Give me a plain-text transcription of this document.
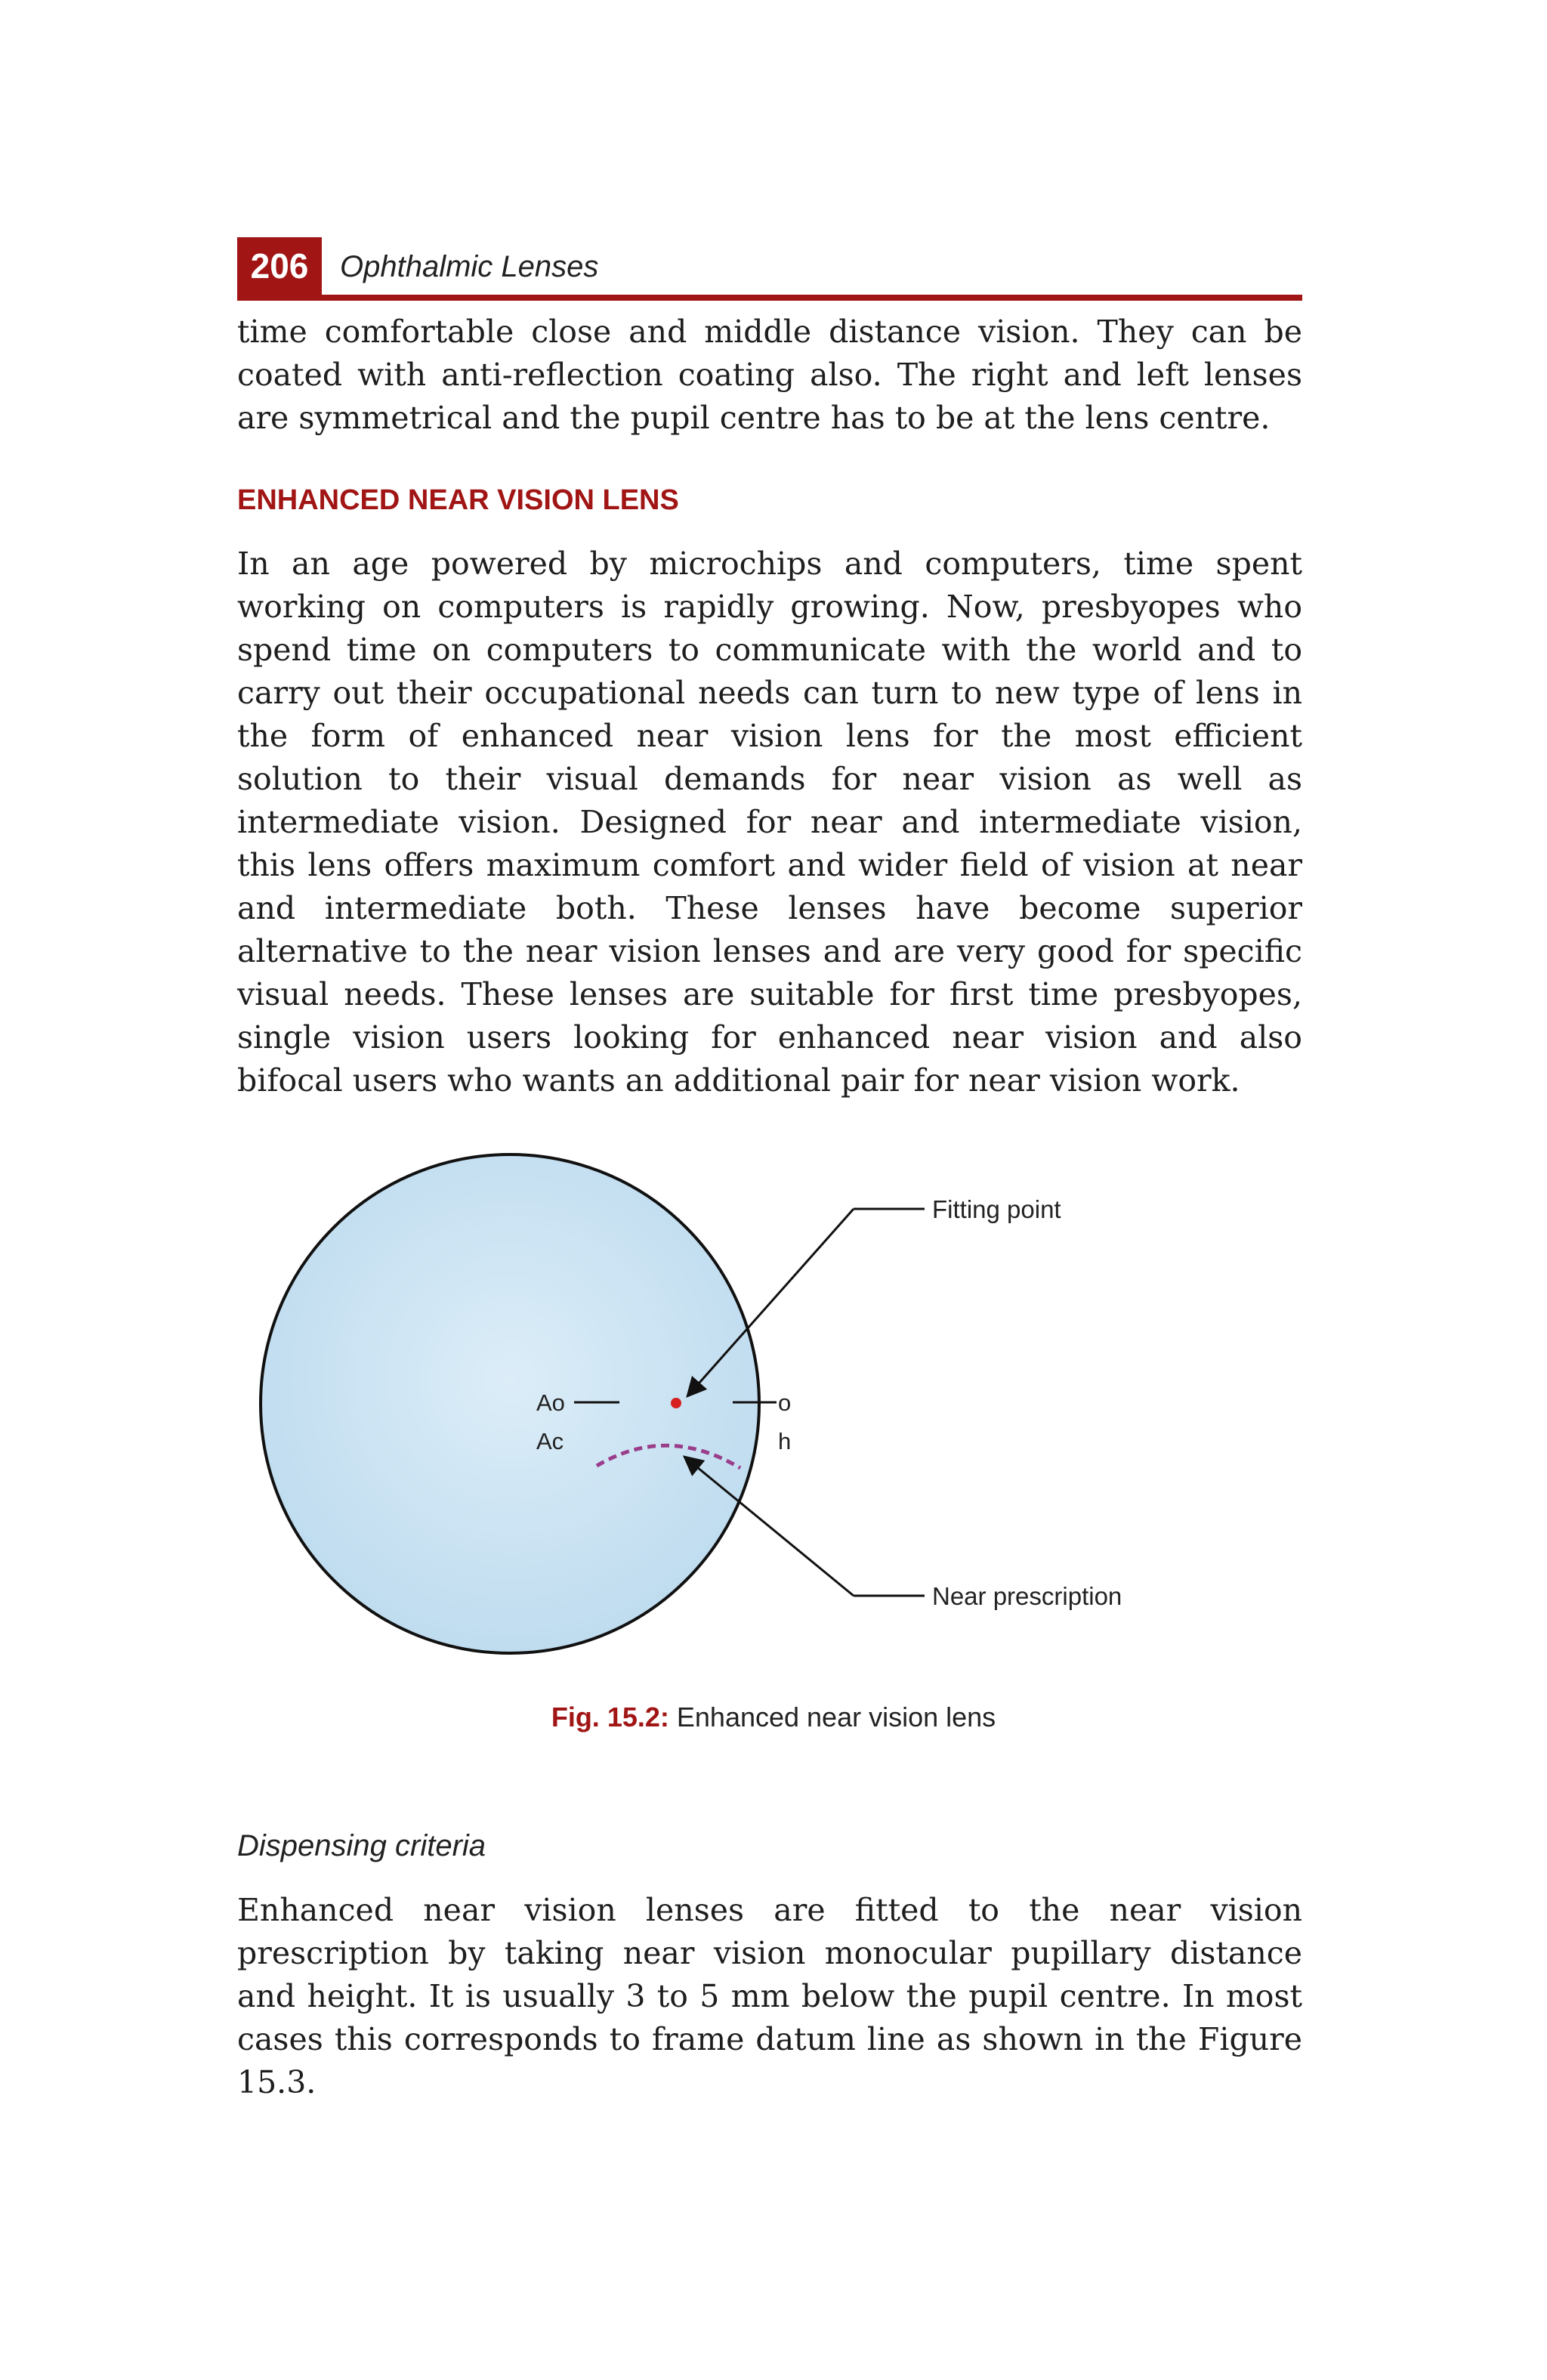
206	Ophthalmic Lenses

time comfortable close and middle distance vision. They can be coated with anti-reflection coating also. The right and left lenses are symmetrical and the pupil centre has to be at the lens centre.

ENHANCED NEAR VISION LENS

In an age powered by microchips and computers, time spent working on computers is rapidly growing. Now, presbyopes who spend time on computers to communicate with the world and to carry out their occupational needs can turn to new type of lens in the form of enhanced near vision lens for the most efficient solution to their visual demands for near vision as well as intermediate vision. Designed for near and intermediate vision, this lens offers maximum comfort and wider field of vision at near and intermediate both. These lenses have become superior alternative to the near vision lenses and are very good for specific visual needs. These lenses are suitable for first time presbyopes, single vision users looking for enhanced near vision and also bifocal users who wants an additional pair for near vision work.

Fitting point
Near prescription
Ao
Ac
o
h
Fig. 15.2: Enhanced near vision lens
Dispensing criteria

Enhanced near vision lenses are fitted to the near vision prescription by taking near vision monocular pupillary distance and height. It is usually 3 to 5 mm below the pupil centre. In most cases this corresponds to frame datum line as shown in the Figure 15.3.
